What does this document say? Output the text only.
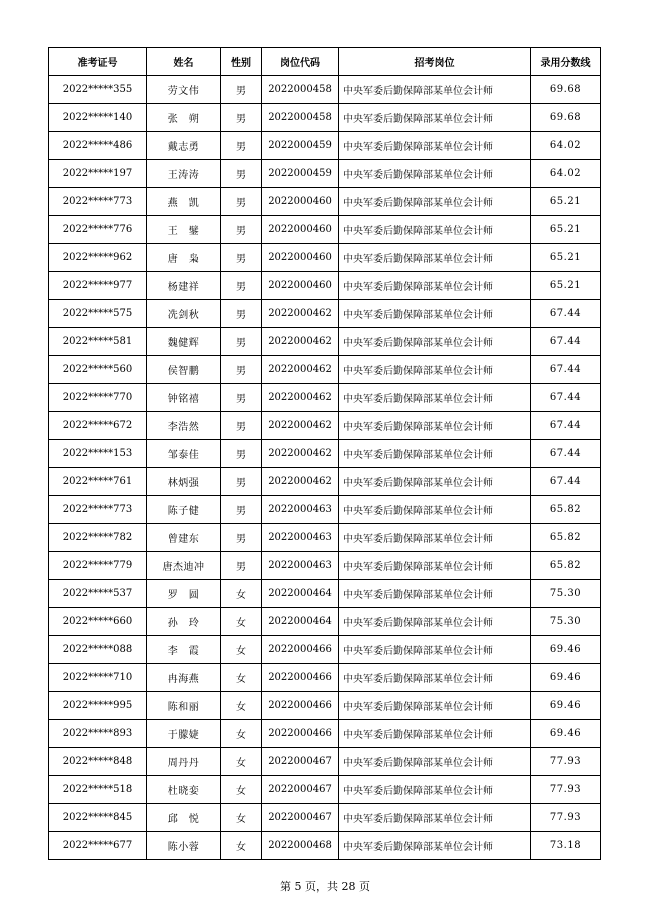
准考证号	姓名	性别	岗位代码	招考岗位	录用分数线
2022*****355	劳文伟	男	2022000458	中央军委后勤保障部某单位会计师	69.68
2022*****140	张　朔	男	2022000458	中央军委后勤保障部某单位会计师	69.68
2022*****486	戴志勇	男	2022000459	中央军委后勤保障部某单位会计师	64.02
2022*****197	王涛涛	男	2022000459	中央军委后勤保障部某单位会计师	64.02
2022*****773	燕　凯	男	2022000460	中央军委后勤保障部某单位会计师	65.21
2022*****776	王　鐾	男	2022000460	中央军委后勤保障部某单位会计师	65.21
2022*****962	唐　枭	男	2022000460	中央军委后勤保障部某单位会计师	65.21
2022*****977	杨建祥	男	2022000460	中央军委后勤保障部某单位会计师	65.21
2022*****575	冼剑秋	男	2022000462	中央军委后勤保障部某单位会计师	67.44
2022*****581	魏健辉	男	2022000462	中央军委后勤保障部某单位会计师	67.44
2022*****560	侯智鹏	男	2022000462	中央军委后勤保障部某单位会计师	67.44
2022*****770	钟铭禧	男	2022000462	中央军委后勤保障部某单位会计师	67.44
2022*****672	李浩然	男	2022000462	中央军委后勤保障部某单位会计师	67.44
2022*****153	邹泰佳	男	2022000462	中央军委后勤保障部某单位会计师	67.44
2022*****761	林炳强	男	2022000462	中央军委后勤保障部某单位会计师	67.44
2022*****773	陈子健	男	2022000463	中央军委后勤保障部某单位会计师	65.82
2022*****782	曾建东	男	2022000463	中央军委后勤保障部某单位会计师	65.82
2022*****779	唐杰迪冲	男	2022000463	中央军委后勤保障部某单位会计师	65.82
2022*****537	罗　圆	女	2022000464	中央军委后勤保障部某单位会计师	75.30
2022*****660	孙　玲	女	2022000464	中央军委后勤保障部某单位会计师	75.30
2022*****088	李　霞	女	2022000466	中央军委后勤保障部某单位会计师	69.46
2022*****710	冉海燕	女	2022000466	中央军委后勤保障部某单位会计师	69.46
2022*****995	陈和丽	女	2022000466	中央军委后勤保障部某单位会计师	69.46
2022*****893	于朦婕	女	2022000466	中央军委后勤保障部某单位会计师	69.46
2022*****848	周丹丹	女	2022000467	中央军委后勤保障部某单位会计师	77.93
2022*****518	杜晓娈	女	2022000467	中央军委后勤保障部某单位会计师	77.93
2022*****845	邱　悦	女	2022000467	中央军委后勤保障部某单位会计师	77.93
2022*****677	陈小蓉	女	2022000468	中央军委后勤保障部某单位会计师	73.18
第 5 页，共 28 页
